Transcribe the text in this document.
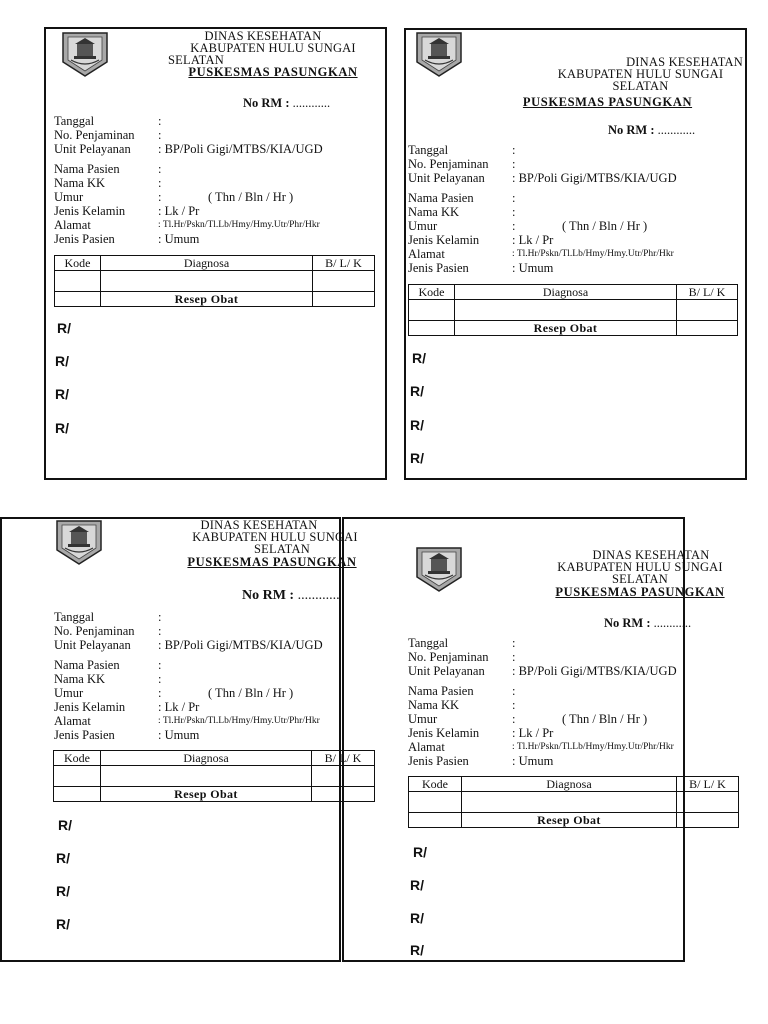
DINAS KESEHATAN
KABUPATEN HULU SUNGAI
SELATAN
PUSKESMAS PASUNGKAN
No RM : ............
Tanggal	:
No. Penjaminan :
Unit Pelayanan : BP/Poli Gigi/MTBS/KIA/UGD
Nama Pasien	:
Nama KK	:
Umur	:	( Thn / Bln / Hr )
Jenis Kelamin	: Lk / Pr
Alamat	: Tl.Hr/Pskn/Tl.Lb/Hmy/Hmy.Utr/Phr/Hkr
Jenis Pasien	: Umum
Kode	Diagnosa	B/ L/ K

	Resep Obat	
R/
R/
R/
R/
DINAS KESEHATAN
KABUPATEN HULU SUNGAI
SELATAN
PUSKESMAS PASUNGKAN
No RM : ............
Tanggal	:
No. Penjaminan :
Unit Pelayanan : BP/Poli Gigi/MTBS/KIA/UGD
Nama Pasien	:
Nama KK	:
Umur	:	( Thn / Bln / Hr )
Jenis Kelamin	: Lk / Pr
Alamat	: Tl.Hr/Pskn/Tl.Lb/Hmy/Hmy.Utr/Phr/Hkr
Jenis Pasien	: Umum
Kode	Diagnosa	B/ L/ K

	Resep Obat	
R/
R/
R/
R/
DINAS KESEHATAN
KABUPATEN HULU SUNGAI
SELATAN
PUSKESMAS PASUNGKAN
No RM : ............
Tanggal	:
No. Penjaminan :
Unit Pelayanan : BP/Poli Gigi/MTBS/KIA/UGD
Nama Pasien	:
Nama KK	:
Umur	:	( Thn / Bln / Hr )
Jenis Kelamin	: Lk / Pr
Alamat	: Tl.Hr/Pskn/Tl.Lb/Hmy/Hmy.Utr/Phr/Hkr
Jenis Pasien	: Umum
Kode	Diagnosa	B/ L/ K

	Resep Obat	
R/
R/
R/
R/
DINAS KESEHATAN
KABUPATEN HULU SUNGAI
SELATAN
PUSKESMAS PASUNGKAN
No RM : ............
Tanggal	:
No. Penjaminan :
Unit Pelayanan : BP/Poli Gigi/MTBS/KIA/UGD
Nama Pasien	:
Nama KK	:
Umur	:	( Thn / Bln / Hr )
Jenis Kelamin	: Lk / Pr
Alamat	: Tl.Hr/Pskn/Tl.Lb/Hmy/Hmy.Utr/Phr/Hkr
Jenis Pasien	: Umum
Kode	Diagnosa	B/ L/ K

	Resep Obat	
R/
R/
R/
R/
